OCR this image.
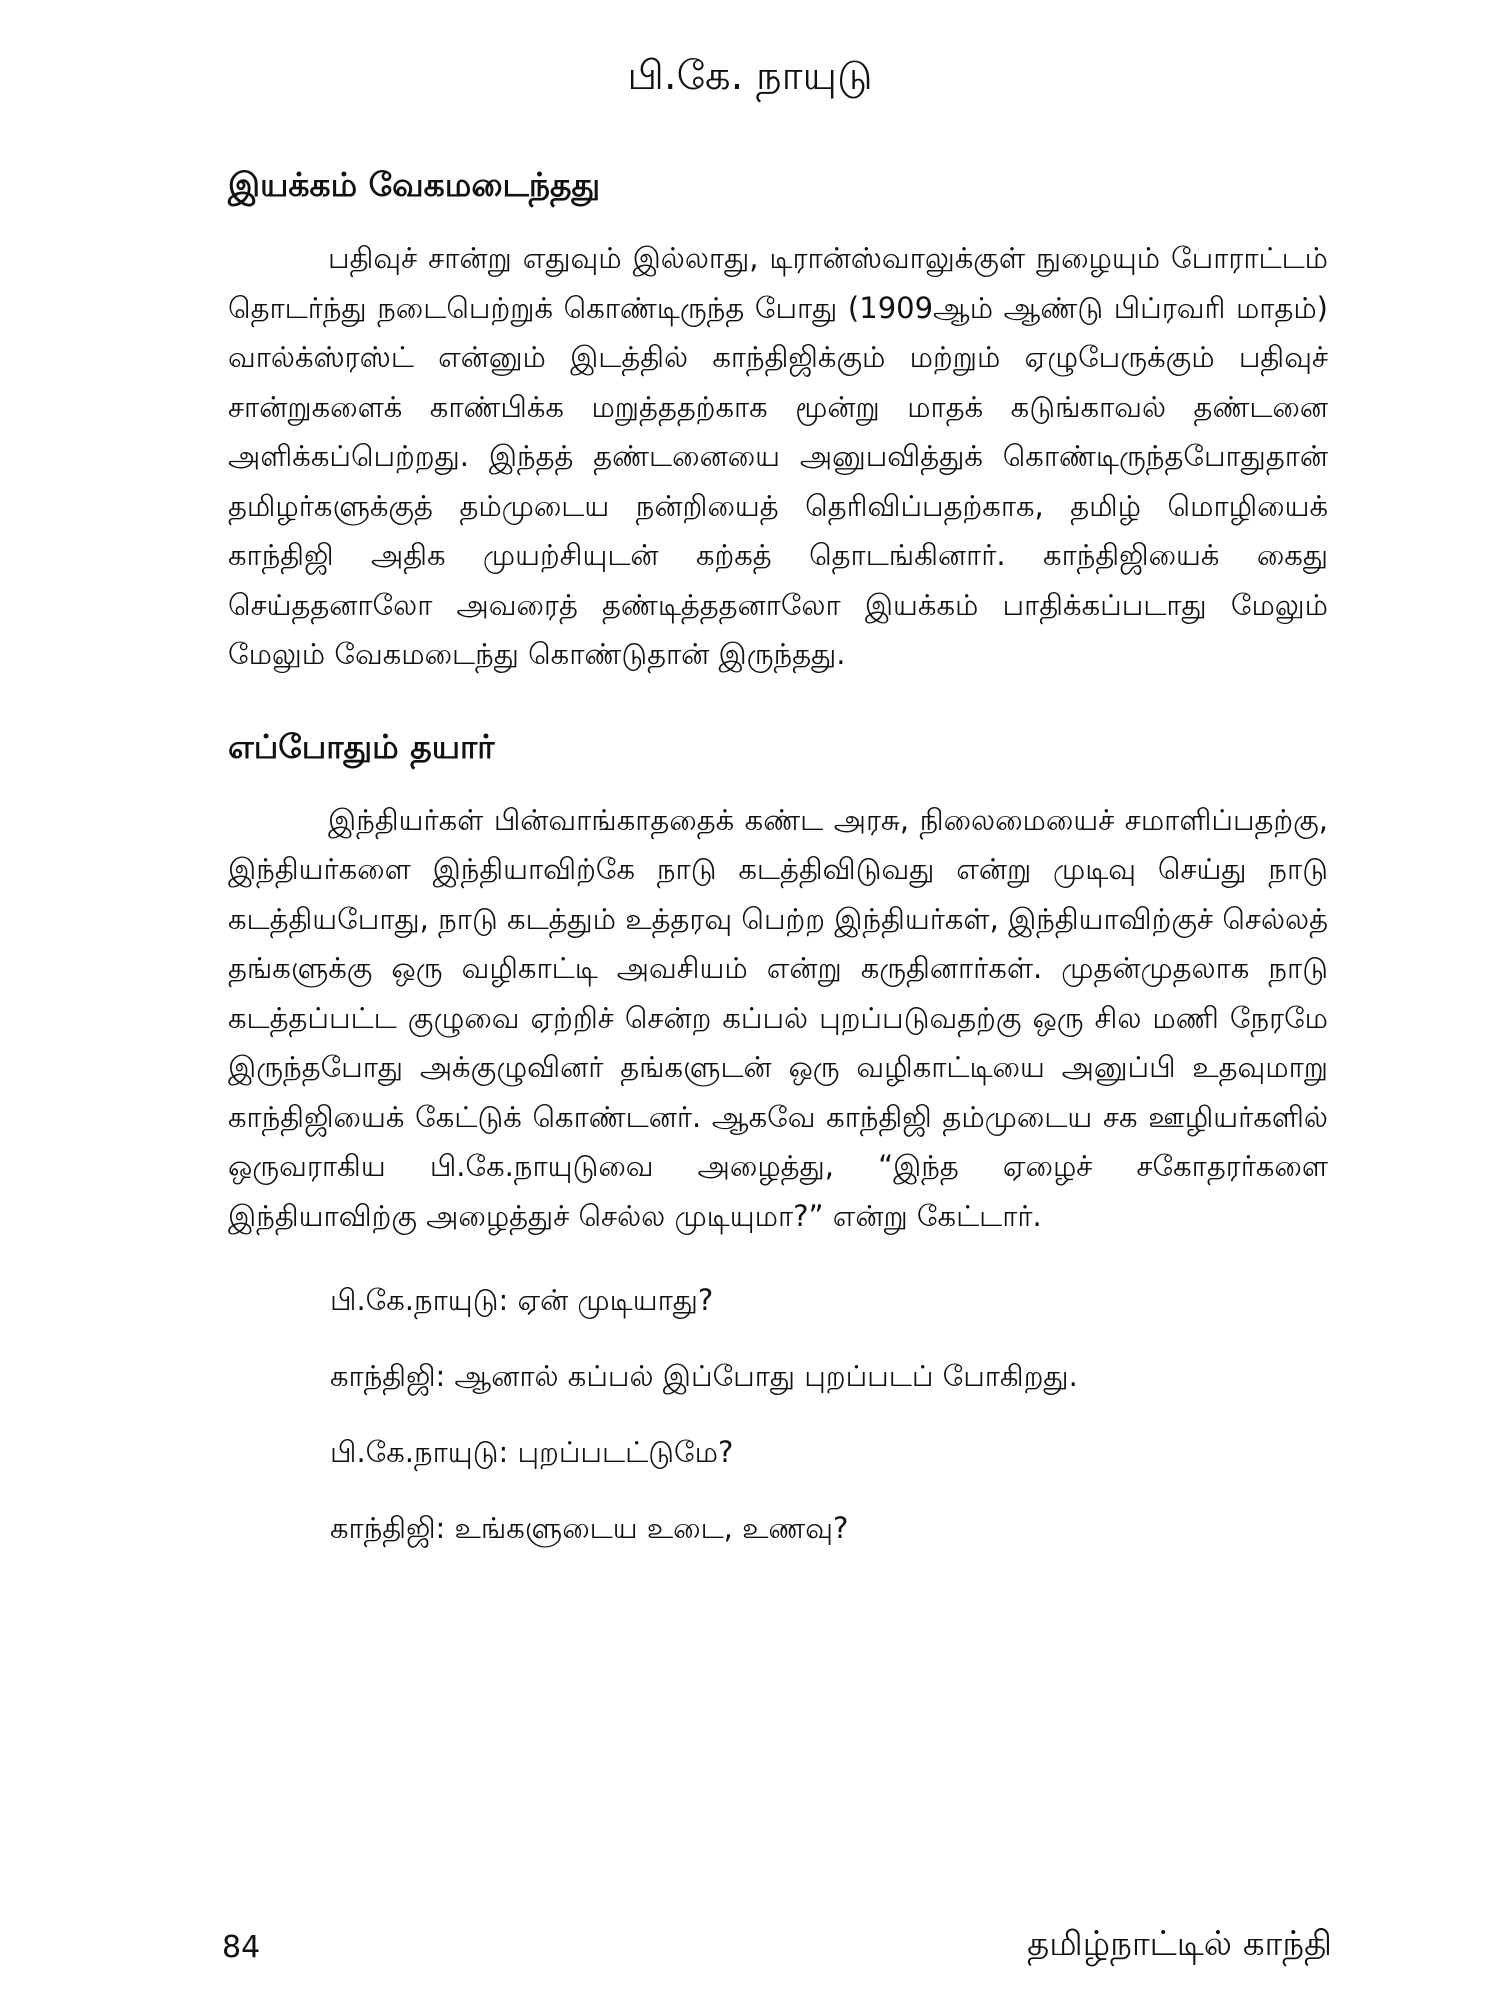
பி.கே. நாயுடு
இயக்கம் வேகமடைந்தது

பதிவுச் சான்று எதுவும் இல்லாது, டிரான்ஸ்வாலுக்குள் நுழையும் போராட்டம் தொடர்ந்து நடைபெற்றுக் கொண்டிருந்த போது (1909ஆம் ஆண்டு பிப்ரவரி மாதம்) வால்க்ஸ்ரஸ்ட் என்னும் இடத்தில் காந்திஜிக்கும் மற்றும் ஏழுபேருக்கும் பதிவுச் சான்றுகளைக் காண்பிக்க மறுத்ததற்காக மூன்று மாதக் கடுங்காவல் தண்டனை அளிக்கப்பெற்றது. இந்தத் தண்டனையை அனுபவித்துக் கொண்டிருந்தபோதுதான் தமிழர்களுக்குத் தம்முடைய நன்றியைத் தெரிவிப்பதற்காக, தமிழ் மொழியைக் காந்திஜி அதிக முயற்சியுடன் கற்கத் தொடங்கினார். காந்திஜியைக் கைது செய்ததனாலோ அவரைத் தண்டித்ததனாலோ இயக்கம் பாதிக்கப்படாது மேலும் மேலும் வேகமடைந்து கொண்டுதான் இருந்தது.

எப்போதும் தயார்

இந்தியர்கள் பின்வாங்காததைக் கண்ட அரசு, நிலைமையைச் சமாளிப்பதற்கு, இந்தியர்களை இந்தியாவிற்கே நாடு கடத்திவிடுவது என்று முடிவு செய்து நாடு கடத்தியபோது, நாடு கடத்தும் உத்தரவு பெற்ற இந்தியர்கள், இந்தியாவிற்குச் செல்லத் தங்களுக்கு ஒரு வழிகாட்டி அவசியம் என்று கருதினார்கள். முதன்முதலாக நாடு கடத்தப்பட்ட குழுவை ஏற்றிச் சென்ற கப்பல் புறப்படுவதற்கு ஒரு சில மணி நேரமே இருந்தபோது அக்குழுவினர் தங்களுடன் ஒரு வழிகாட்டியை அனுப்பி உதவுமாறு காந்திஜியைக் கேட்டுக் கொண்டனர். ஆகவே காந்திஜி தம்முடைய சக ஊழியர்களில் ஒருவராகிய பி.கே.நாயுடுவை அழைத்து, “இந்த ஏழைச் சகோதரர்களை இந்தியாவிற்கு அழைத்துச் செல்ல முடியுமா?” என்று கேட்டார்.

பி.கே.நாயுடு: ஏன் முடியாது?
காந்திஜி: ஆனால் கப்பல் இப்போது புறப்படப் போகிறது.
பி.கே.நாயுடு: புறப்படட்டுமே?
காந்திஜி: உங்களுடைய உடை, உணவு?

84	தமிழ்நாட்டில் காந்தி
